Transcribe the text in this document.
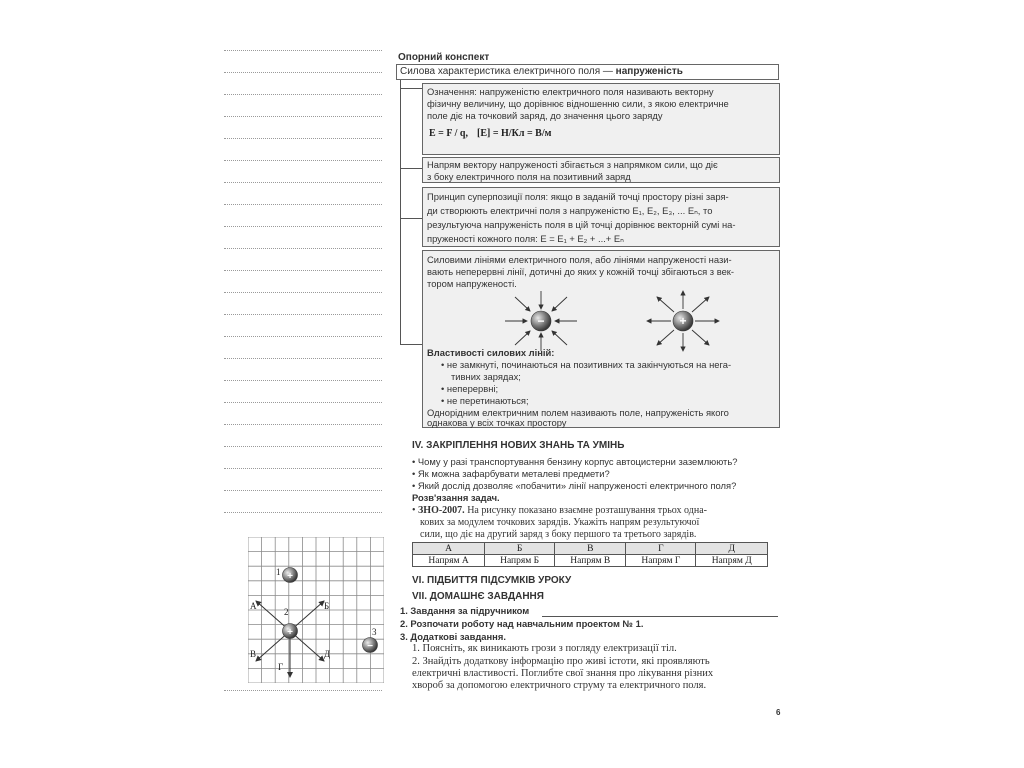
Опорний конспект
Силова характеристика електричного поля — напруженість
Означення: напруженістю електричного поля називають векторну
фізичну величину, що дорівнює відношенню сили, з якою електричне
поле діє на точковий заряд, до значення цього заряду
E = F / q, [E] = Н/Кл = В/м
Напрям вектору напруженості збігається з напрямком сили, що діє
з боку електричного поля на позитивний заряд
Принцип суперпозиції поля: якщо в заданій точці простору різні заря-
ди створюють електричні поля з напруженістю E₁, E₂, E₃, ... Eₙ, то
результуюча напруженість поля в цій точці дорівнює векторній сумі на-
пруженості кожного поля: E = E₁ + E₂ + ...+ Eₙ
Силовими лініями електричного поля, або лініями напруженості нази-
вають неперервні лінії, дотичні до яких у кожній точці збігаються з век-
тором напруженості.
−	+
Властивості силових ліній:
• не замкнуті, починаються на позитивних та закінчуються на нега-
тивних зарядах;
• неперервні;
• не перетинаються;
Однорідним електричним полем називають поле, напруженість якого
однакова у всіх точках простору
IV. ЗАКРІПЛЕННЯ НОВИХ ЗНАНЬ ТА УМІНЬ
• Чому у разі транспортування бензину корпус автоцистерни заземлюють?
• Як можна зафарбувати металеві предмети?
• Який дослід дозволяє «побачити» лінії напруженості електричного поля?
Розв'язання задач.
• ЗНО-2007. На рисунку показано взаємне розташування трьох одна-
кових за модулем точкових зарядів. Укажіть напрям результуючої
сили, що діє на другий заряд з боку першого та третього зарядів.
А	Б	В	Г	Д
Напрям А	Напрям Б	Напрям В	Напрям Г	Напрям Д
+
+
−
1
2
3
А	Б
В
Г
Д
VI. ПІДБИТТЯ ПІДСУМКІВ УРОКУ
VII. ДОМАШНЄ ЗАВДАННЯ
1. Завдання за підручником
2. Розпочати роботу над навчальним проектом № 1.
3. Додаткові завдання.
1. Поясніть, як виникають грози з погляду електризації тіл.
2. Знайдіть додаткову інформацію про живі істоти, які проявляють
електричні властивості. Поглибте свої знання про лікування різних
хвороб за допомогою електричного струму та електричного поля.
6
